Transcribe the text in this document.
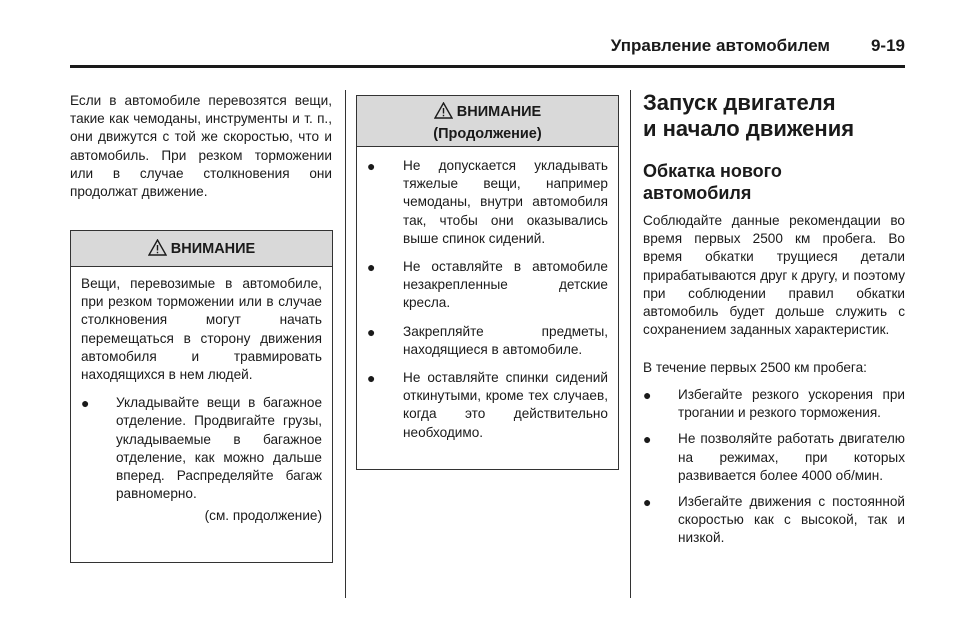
Управление автомобилем	9-19

Если в автомобиле перевозятся вещи, такие как чемоданы, инструменты и т. п., они движутся с той же скоростью, что и автомобиль. При резком торможении или в случае столкновения они продолжат движение.

ВНИМАНИЕ

Вещи, перевозимые в автомобиле, при резком торможении или в случае столкновения могут начать перемещаться в сторону движения автомобиля и травмировать находящихся в нем людей.

● Укладывайте вещи в багажное отделение. Продвигайте грузы, укладываемые в багажное отделение, как можно дальше вперед. Распределяйте багаж равномерно.
(см. продолжение)
ВНИМАНИЕ
(Продолжение)
● Не допускается укладывать тяжелые вещи, например чемоданы, внутри автомобиля так, чтобы они оказывались выше спинок сидений.
● Не оставляйте в автомобиле незакрепленные детские кресла.
● Закрепляйте предметы, находящиеся в автомобиле.
● Не оставляйте спинки сидений откинутыми, кроме тех случаев, когда это действительно необходимо.
Запуск двигателя
и начало движения
Обкатка нового
автомобиля

Соблюдайте данные рекомендации во время первых 2500 км пробега. Во время обкатки трущиеся детали прирабатываются друг к другу, и поэтому при соблюдении правил обкатки автомобиль будет дольше служить с сохранением заданных характеристик.

В течение первых 2500 км пробега:

● Избегайте резкого ускорения при трогании и резкого торможения.
● Не позволяйте работать двигателю на режимах, при которых развивается более 4000 об/мин.
● Избегайте движения с постоянной скоростью как с высокой, так и низкой.
